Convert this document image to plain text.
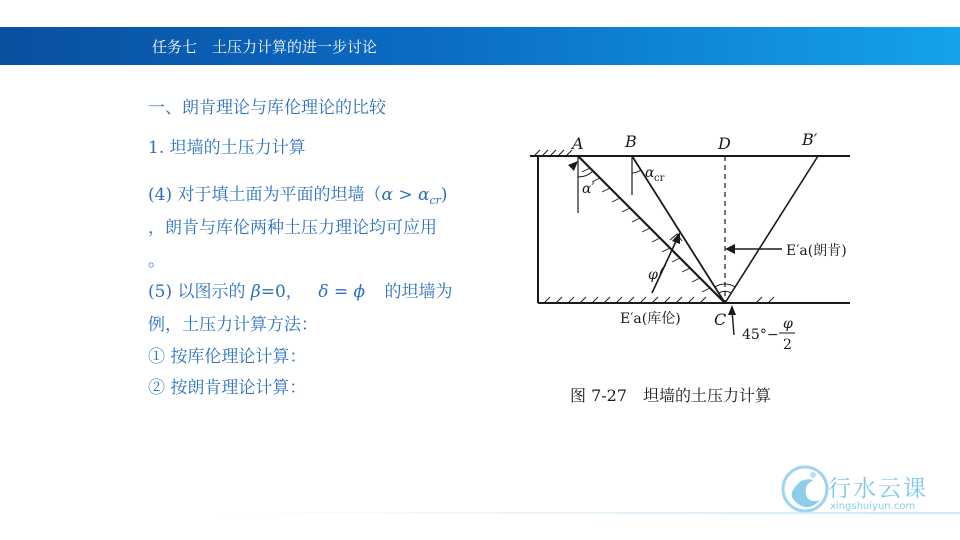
任务七　土压力计算的进一步讨论
一、朗肯理论与库伦理论的比较
1. 坦墙的土压力计算
(4) 对于填土面为平面的坦墙$(\alpha > \alpha_{cr})$
，朗肯与库伦两种土压力理论均可应用
。
(5) 以图示的 β=0， δ = ϕ 的坦墙为
例，土压力计算方法：
① 按库伦理论计算：
② 按朗肯理论计算：
A	B	D	B′
C
α′
α cr
φ
E′a(朗肯)
E′a(库伦)
45°−
φ
2
图 7-27　坦墙的土压力计算
行水云课
xingshuiyun.com
